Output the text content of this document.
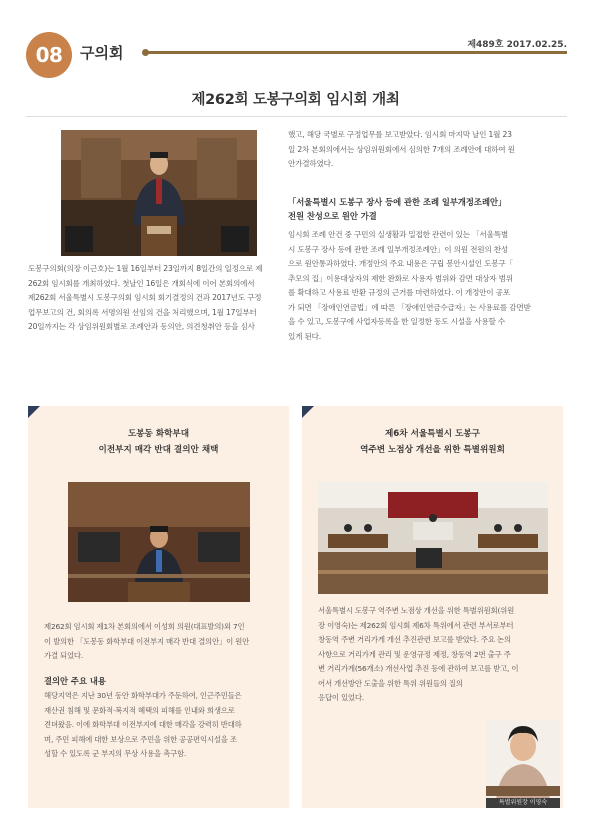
08	구의회	제489호 2017.02.25.
제262회 도봉구의회 임시회 개최
도봉구의회(의장 이근호)는 1월 16일부터 23일까지 8일간의 일정으로 제
262회 임시회를 개최하였다. 첫날인 16일은 개회식에 이어 본회의에서
제262회 서울특별시 도봉구의회 임시회 회기결정의 건과 2017년도 구정
업무보고의 건, 회의록 서명의원 선임의 건을 처리했으며, 1월 17일부터
20일까지는 각 상임위원회별로 조례안과 동의안, 의견청취안 등을 심사
했고, 해당 국별로 구정업무를 보고받았다. 임시회 마지막 날인 1월 23
일 2차 본회의에서는 상임위원회에서 심의한 7개의 조례안에 대하여 원
안가결하였다.
「서울특별시 도봉구 장사 등에 관한 조례 일부개정조례안」
전원 찬성으로 원안 가결
임시회 조례 안건 중 구민의 실생활과 밀접한 관련이 있는 「서울특별
시 도봉구 장사 등에 관한 조례 일부개정조례안」이 의원 전원의 찬성
으로 원안통과하였다. 개정안의 주요 내용은 구립 봉안시설인 도봉구「
추모의 집」이용대상자의 제한 완화로 사용자 범위와 감면 대상자 범위
를 확대하고 사용료 반환 규정의 근거를 마련하였다. 이 개정안이 공포
가 되면 「장애인연금법」에 따른 「장애인연금수급자」는 사용료를 감면받
을 수 있고, 도봉구에 사업자등록을 한 일정한 동도 시설을 사용할 수
있게 된다.
도봉동 화학부대
이전부지 매각 반대 결의안 채택
제262회 임시회 제1차 본회의에서 이성희 의원(대표발의)외 7인
이 발의한 「도봉동 화학부대 이전부지 매각 반대 결의안」이 원안
가결 되었다.
결의안 주요 내용
해당지역은 지난 30년 동안 화학부대가 주둔하여, 인근주민들은
재산권 침해 및 문화적·복지적 혜택의 피해를 인내와 희생으로
견뎌왔음. 이에 화학부대 이전부지에 대한 매각을 강력히 반대하
며, 주민 피해에 대한 보상으로 주민을 위한 공공편익시설을 조
성할 수 있도록 군 부지의 무상 사용을 촉구함.
제6차 서울특별시 도봉구
역주변 노점상 개선을 위한 특별위원회
서울특별시 도봉구 역주변 노점상 개선을 위한 특별위원회(위원
장 이영숙)는 제262회 임시회 제6차 특위에서 관련 부서로부터
창동역 주변 거리가게 개선 추진관련 보고를 받았다. 주요 논의
사항으로 거리가게 관리 및 운영규정 제정, 창동역 2번 출구 주
변 거리가게(56개소) 개선사업 추진 등에 관하여 보고를 받고, 이
어서 개선방안 도출을 위한 특위 위원들의 질의
응답이 있었다.
특별위원장 이영숙
